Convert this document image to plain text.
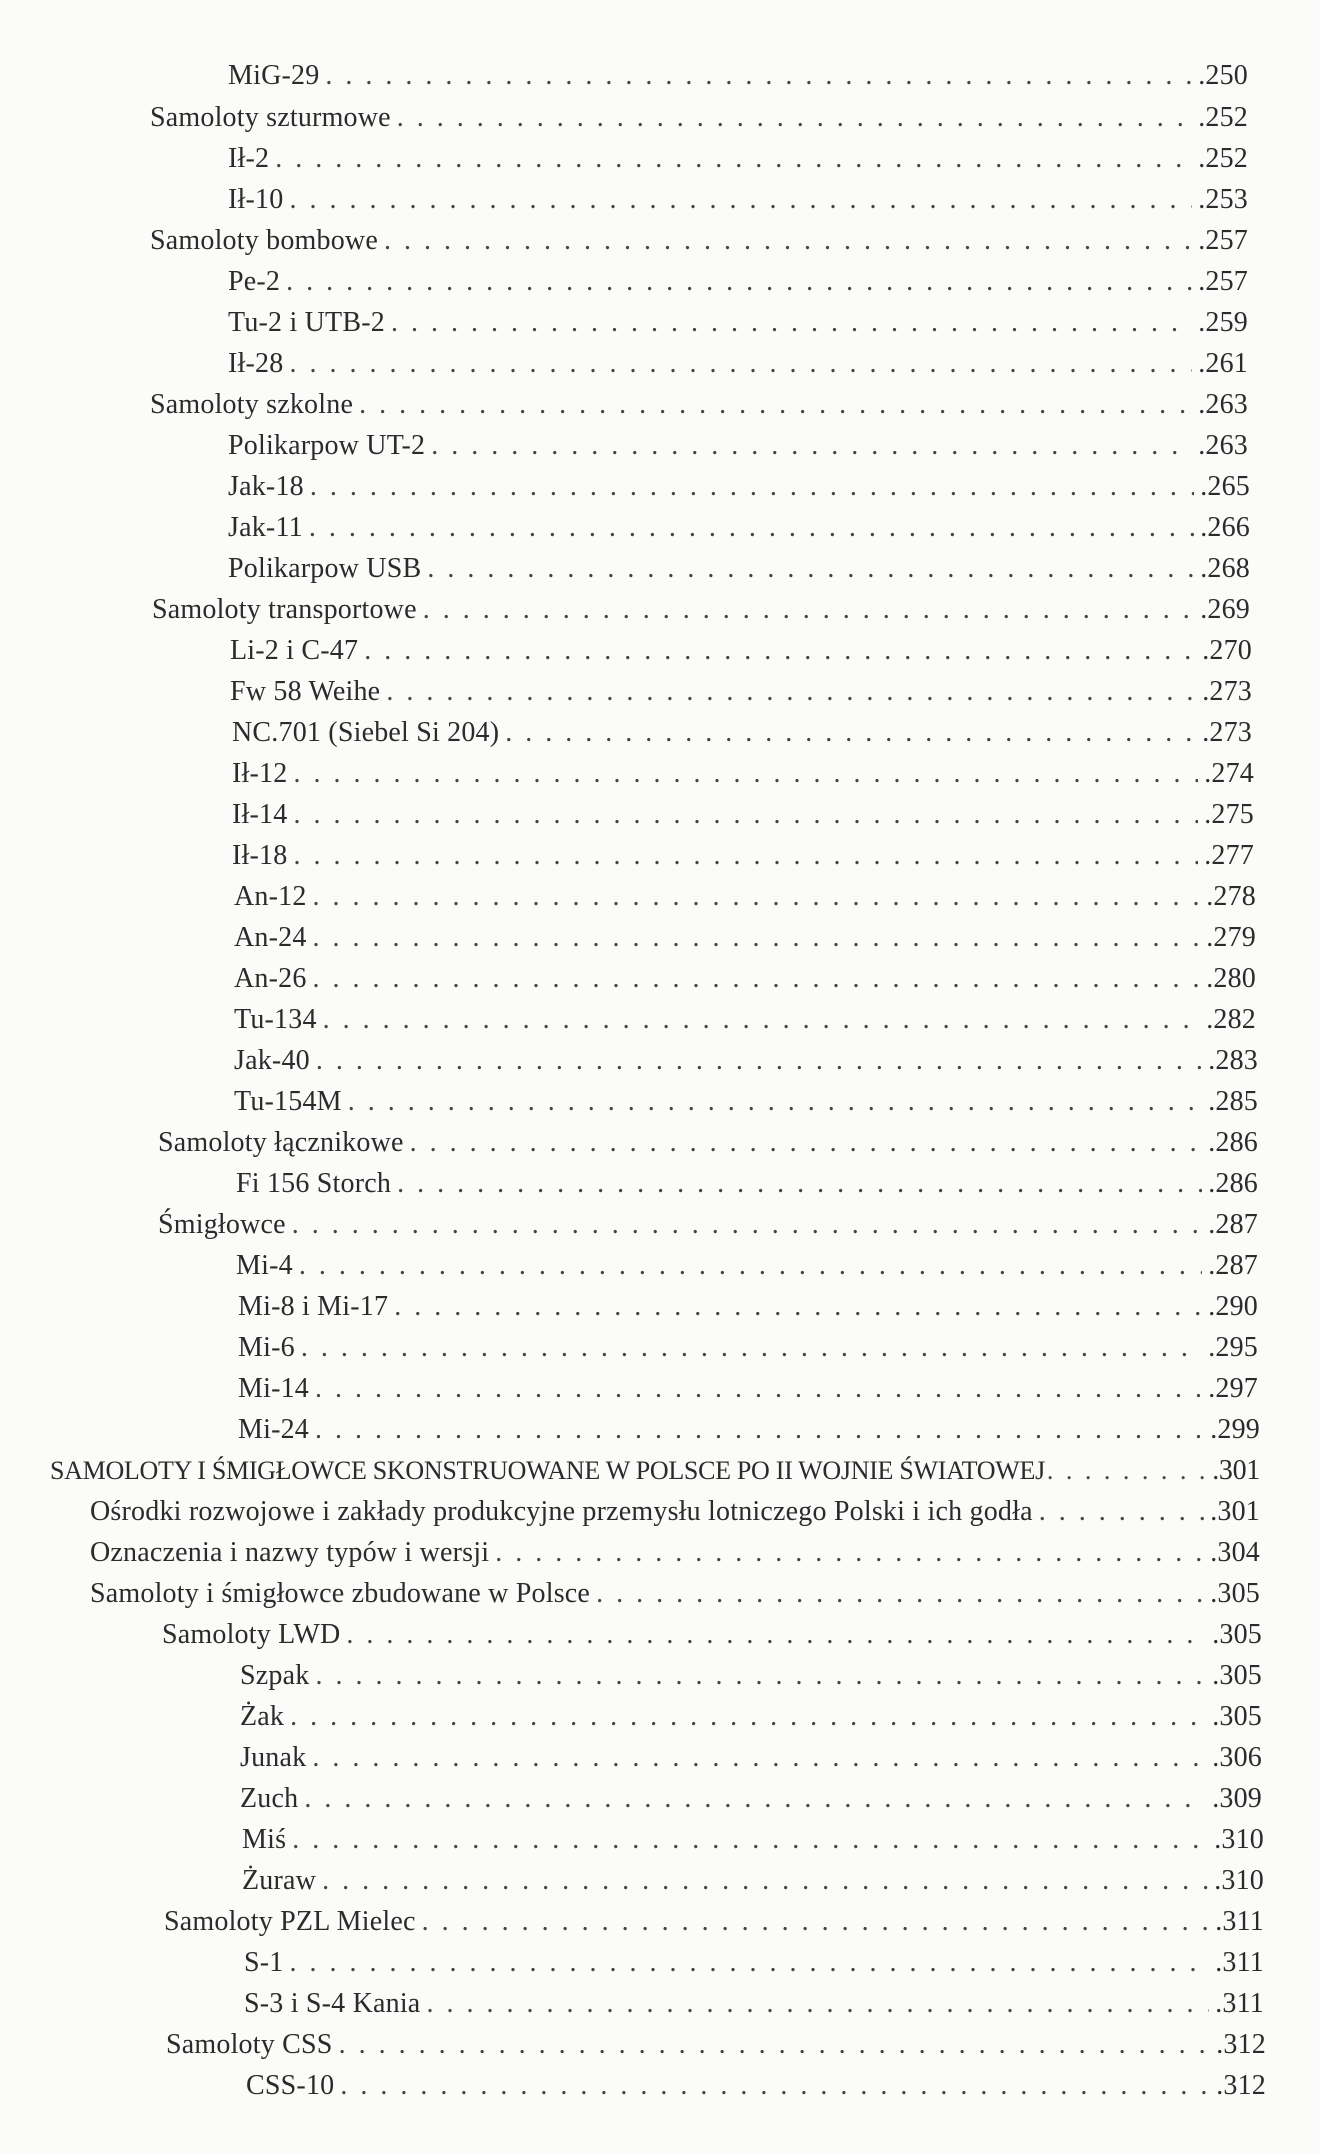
MiG-29 . . .	.250
Samoloty szturmowe . . .	.252
Ił-2 . . .	.252
Ił-10 . . .	.253
Samoloty bombowe . . .	.257
Pe-2 . . .	.257
Tu-2 i UTB-2 . . .	.259
Ił-28 . . .	.261
Samoloty szkolne . . .	.263
Polikarpow UT-2 . . .	.263
Jak-18 . . .	.265
Jak-11 . . .	.266
Polikarpow USB . . .	.268
Samoloty transportowe . . .	.269
Li-2 i C-47 . . .	.270
Fw 58 Weihe . . .	.273
NC.701 (Siebel Si 204) . . .	.273
Ił-12 . . .	.274
Ił-14 . . .	.275
Ił-18 . . .	.277
An-12 . . .	.278
An-24 . . .	.279
An-26 . . .	.280
Tu-134 . . .	.282
Jak-40 . . .	.283
Tu-154M . . .	.285
Samoloty łącznikowe . . .	.286
Fi 156 Storch . . .	.286
Śmigłowce . . .	.287
Mi-4 . . .	.287
Mi-8 i Mi-17 . . .	.290
Mi-6 . . .	.295
Mi-14 . . .	.297
Mi-24 . . .	.299
SAMOLOTY I ŚMIGŁOWCE SKONSTRUOWANE W POLSCE PO II WOJNIE ŚWIATOWEJ . . .	.301
Ośrodki rozwojowe i zakłady produkcyjne przemysłu lotniczego Polski i ich godła . . .	.301
Oznaczenia i nazwy typów i wersji . . .	.304
Samoloty i śmigłowce zbudowane w Polsce . . .	.305
Samoloty LWD . . .	.305
Szpak . . .	.305
Żak . . .	.305
Junak . . .	.306
Zuch . . .	.309
Miś . . .	.310
Żuraw . . .	.310
Samoloty PZL Mielec . . .	.311
S-1 . . .	.311
S-3 i S-4 Kania . . .	.311
Samoloty CSS . . .	.312
CSS-10 . . .	.312
